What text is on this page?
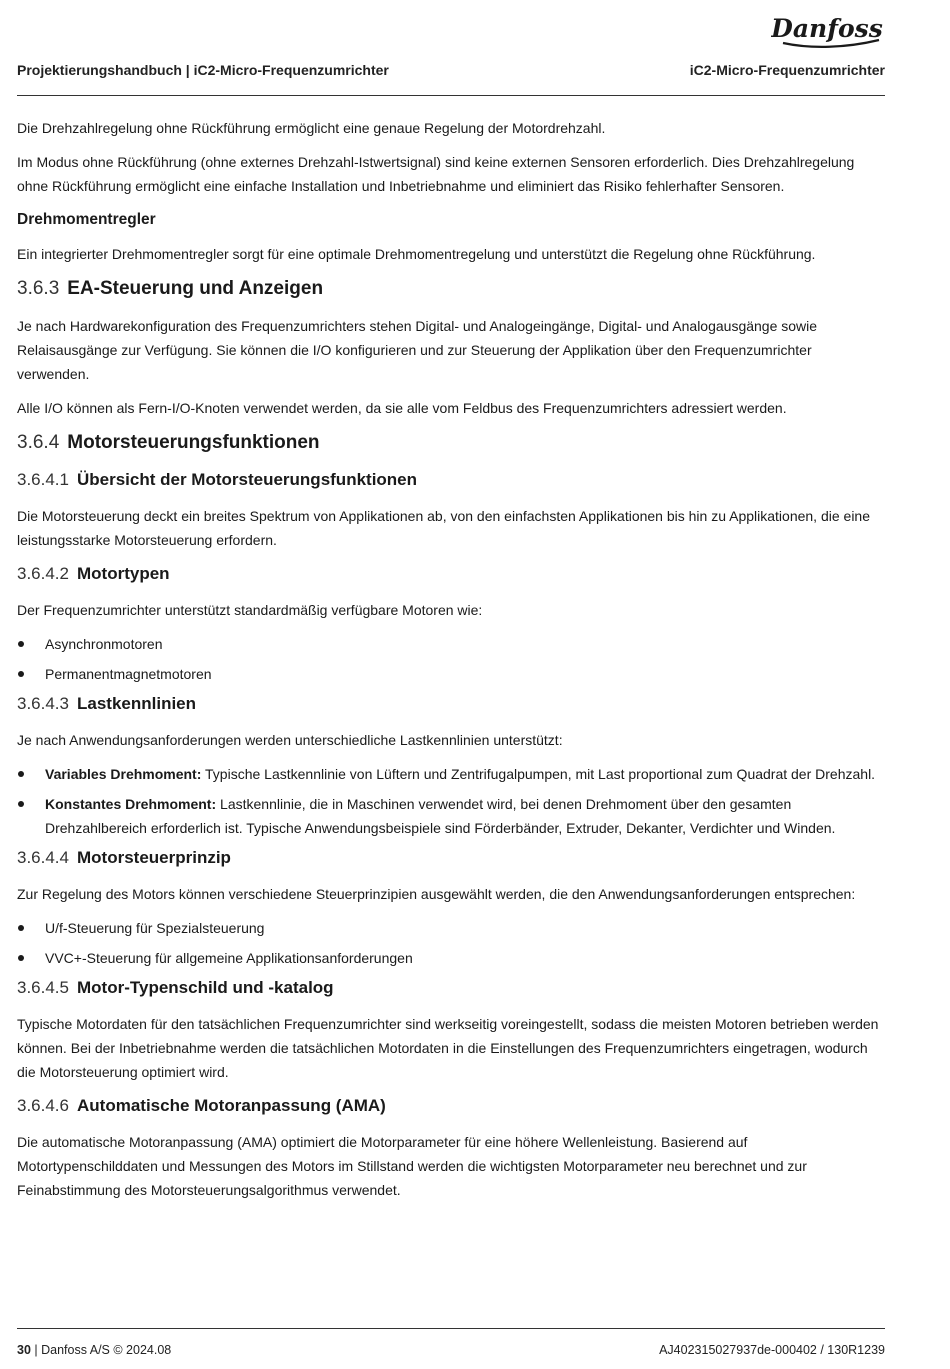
Danfoss
Projektierungshandbuch | iC2-Micro-Frequenzumrichter	iC2-Micro-Frequenzumrichter

Die Drehzahlregelung ohne Rückführung ermöglicht eine genaue Regelung der Motordrehzahl.

Im Modus ohne Rückführung (ohne externes Drehzahl-Istwertsignal) sind keine externen Sensoren erforderlich. Dies Drehzahlregelung ohne Rückführung ermöglicht eine einfache Installation und Inbetriebnahme und eliminiert das Risiko fehlerhafter Sensoren.

Drehmomentregler

Ein integrierter Drehmomentregler sorgt für eine optimale Drehmomentregelung und unterstützt die Regelung ohne Rückführung.

3.6.3 EA-Steuerung und Anzeigen

Je nach Hardwarekonfiguration des Frequenzumrichters stehen Digital- und Analogeingänge, Digital- und Analogausgänge sowie Relaisausgänge zur Verfügung. Sie können die I/O konfigurieren und zur Steuerung der Applikation über den Frequenzumrichter verwenden.

Alle I/O können als Fern-I/O-Knoten verwendet werden, da sie alle vom Feldbus des Frequenzumrichters adressiert werden.

3.6.4 Motorsteuerungsfunktionen
3.6.4.1 Übersicht der Motorsteuerungsfunktionen

Die Motorsteuerung deckt ein breites Spektrum von Applikationen ab, von den einfachsten Applikationen bis hin zu Applikationen, die eine leistungsstarke Motorsteuerung erfordern.

3.6.4.2 Motortypen

Der Frequenzumrichter unterstützt standardmäßig verfügbare Motoren wie:

Asynchronmotoren
Permanentmagnetmotoren
3.6.4.3 Lastkennlinien

Je nach Anwendungsanforderungen werden unterschiedliche Lastkennlinien unterstützt:

Variables Drehmoment: Typische Lastkennlinie von Lüftern und Zentrifugalpumpen, mit Last proportional zum Quadrat der Drehzahl.
Konstantes Drehmoment: Lastkennlinie, die in Maschinen verwendet wird, bei denen Drehmoment über den gesamten Drehzahlbereich erforderlich ist. Typische Anwendungsbeispiele sind Förderbänder, Extruder, Dekanter, Verdichter und Winden.
3.6.4.4 Motorsteuerprinzip

Zur Regelung des Motors können verschiedene Steuerprinzipien ausgewählt werden, die den Anwendungsanforderungen entsprechen:

U/f-Steuerung für Spezialsteuerung
VVC+-Steuerung für allgemeine Applikationsanforderungen
3.6.4.5 Motor-Typenschild und -katalog

Typische Motordaten für den tatsächlichen Frequenzumrichter sind werkseitig voreingestellt, sodass die meisten Motoren betrieben werden können. Bei der Inbetriebnahme werden die tatsächlichen Motordaten in die Einstellungen des Frequenzumrichters eingetragen, wodurch die Motorsteuerung optimiert wird.

3.6.4.6 Automatische Motoranpassung (AMA)

Die automatische Motoranpassung (AMA) optimiert die Motorparameter für eine höhere Wellenleistung. Basierend auf Motortypenschilddaten und Messungen des Motors im Stillstand werden die wichtigsten Motorparameter neu berechnet und zur Feinabstimmung des Motorsteuerungsalgorithmus verwendet.

30 | Danfoss A/S © 2024.08	AJ402315027937de-000402 / 130R1239
